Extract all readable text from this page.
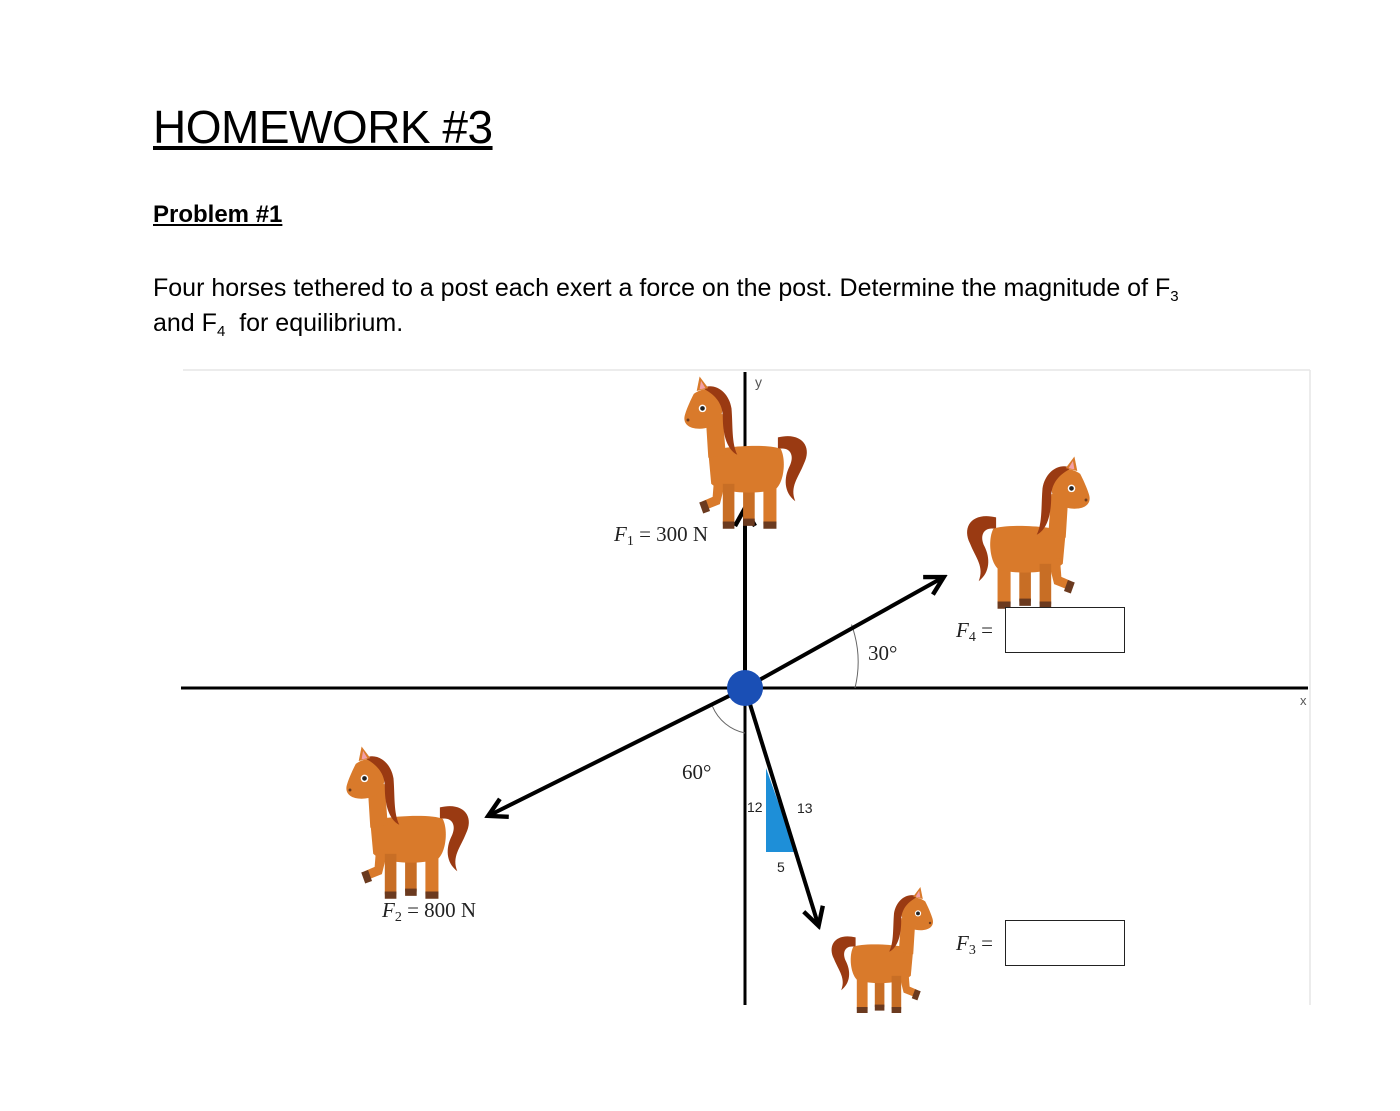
HOMEWORK #3
Problem #1

Four horses tethered to a post each exert a force on the post. Determine the magnitude of $F_3$
and $F_4$ for equilibrium.

y
x
12 13
5
30°
60°
F1 = 300 N
F2 = 800 N
F4 =
F3 =
